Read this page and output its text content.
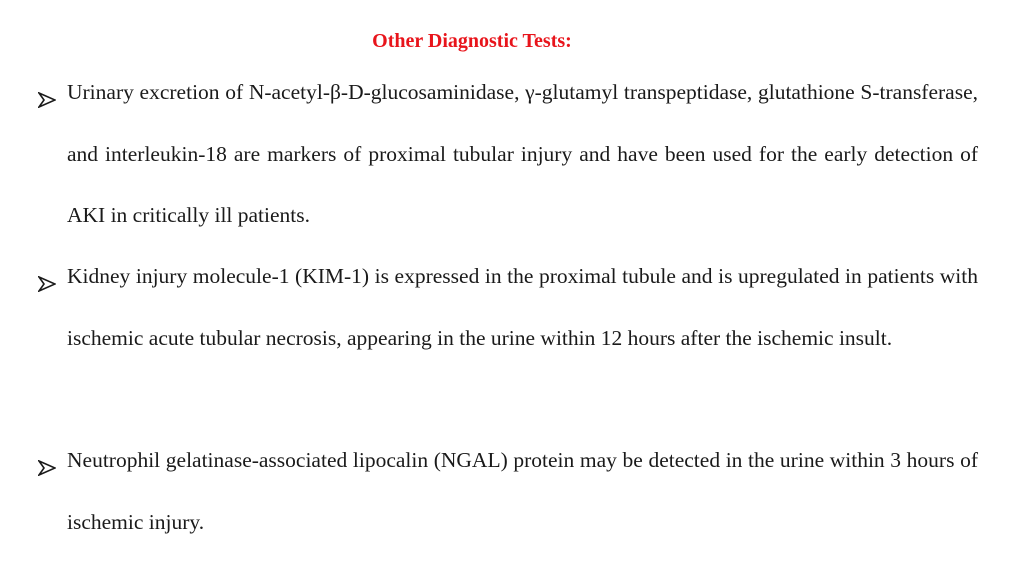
Other Diagnostic Tests:
Urinary excretion of N-acetyl-β-D-glucosaminidase, γ-glutamyl transpeptidase, glutathione S-transferase, and interleukin-18 are markers of proximal tubular injury and have been used for the early detection of AKI in critically ill patients.
Kidney injury molecule-1 (KIM-1) is expressed in the proximal tubule and is upregulated in patients with ischemic acute tubular necrosis, appearing in the urine within 12 hours after the ischemic insult.
Neutrophil gelatinase-associated lipocalin (NGAL) protein may be detected in the urine within 3 hours of ischemic injury.
